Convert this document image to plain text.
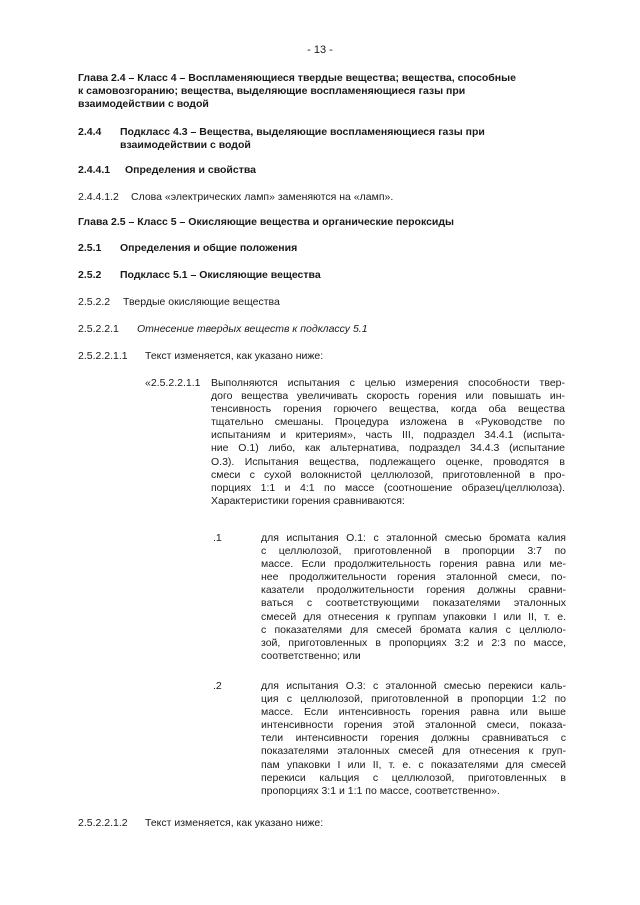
- 13 -
Глава 2.4 – Класс 4 – Воспламеняющиеся твердые вещества; вещества, способные
к самовозгоранию; вещества, выделяющие воспламеняющиеся газы при
взаимодействии с водой
2.4.4 Подкласс 4.3 – Вещества, выделяющие воспламеняющиеся газы при
взаимодействии с водой
2.4.4.1 Определения и свойства
2.4.4.1.2 Слова «электрических ламп» заменяются на «ламп».
Глава 2.5 – Класс 5 – Окисляющие вещества и органические пероксиды
2.5.1 Определения и общие положения
2.5.2 Подкласс 5.1 – Окисляющие вещества
2.5.2.2 Твердые окисляющие вещества
2.5.2.2.1 Отнесение твердых веществ к подклассу 5.1
2.5.2.2.1.1 Текст изменяется, как указано ниже:
«2.5.2.2.1.1 Выполняются испытания с целью измерения способности твер-
дого вещества увеличивать скорость горения или повышать ин-
тенсивность горения горючего вещества, когда оба вещества
тщательно смешаны. Процедура изложена в «Руководстве по
испытаниям и критериям», часть III, подраздел 34.4.1 (испыта-
ние О.1) либо, как альтернатива, подраздел 34.4.3 (испытание
О.3). Испытания вещества, подлежащего оценке, проводятся в
смеси с сухой волокнистой целлюлозой, приготовленной в про-
порциях 1:1 и 4:1 по массе (соотношение образец/целлюлоза).
Характеристики горения сравниваются:
.1	для испытания О.1: с эталонной смесью бромата калия
с целлюлозой, приготовленной в пропорции 3:7 по
массе. Если продолжительность горения равна или ме-
нее продолжительности горения эталонной смеси, по-
казатели продолжительности горения должны сравни-
ваться с соответствующими показателями эталонных
смесей для отнесения к группам упаковки I или II, т. е.
с показателями для смесей бромата калия с целлюло-
зой, приготовленных в пропорциях 3:2 и 2:3 по массе,
соответственно; или
.2	для испытания О.3: с эталонной смесью перекиси каль-
ция с целлюлозой, приготовленной в пропорции 1:2 по
массе. Если интенсивность горения равна или выше
интенсивности горения этой эталонной смеси, показа-
тели интенсивности горения должны сравниваться с
показателями эталонных смесей для отнесения к груп-
пам упаковки I или II, т. е. с показателями для смесей
перекиси кальция с целлюлозой, приготовленных в
пропорциях 3:1 и 1:1 по массе, соответственно».
2.5.2.2.1.2 Текст изменяется, как указано ниже:
